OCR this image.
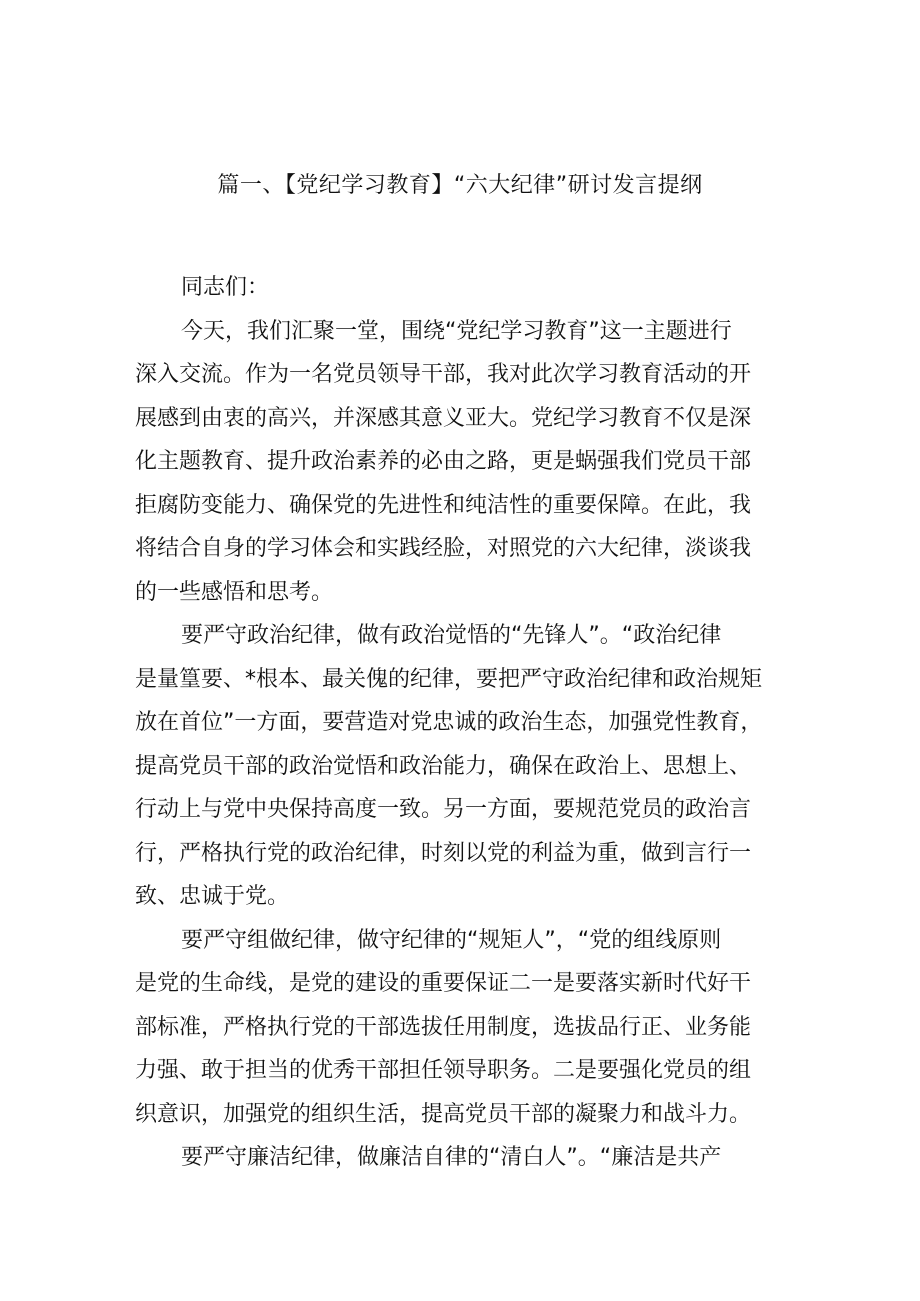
篇一、【党纪学习教育】“六大纪律”研讨发言提纲
同志们：
今天，我们汇聚一堂，围绕“党纪学习教育”这一主题进行
深入交流。作为一名党员领导干部，我对此次学习教育活动的开
展感到由衷的高兴，并深感其意义亚大。党纪学习教育不仅是深
化主题教育、提升政治素养的必由之路，更是蜗强我们党员干部
拒腐防变能力、确保党的先进性和纯洁性的重要保障。在此，我
将结合自身的学习体会和实践经脸，对照党的六大纪律，淡谈我
的一些感悟和思考。
要严守政治纪律，做有政治觉悟的“先锋人”。“政治纪律
是量篁要、*根本、最关傀的纪律，要把严守政治纪律和政治规矩
放在首位”一方面，要营造对党忠诚的政治生态，加强党性教育，
提高党员干部的政治觉悟和政治能力，确保在政治上、思想上、
行动上与党中央保持高度一致。另一方面，要规范党员的政治言
行，严格执行党的政治纪律，时刻以党的利益为重，做到言行一
致、忠诚于党。
要严守组做纪律，做守纪律的“规矩人”，“党的组线原则
是党的生命线，是党的建设的重要保证二一是要落实新时代好干
部标准，严格执行党的干部选拔任用制度，选拔品行正、业务能
力强、敢于担当的优秀干部担任领导职务。二是要强化党员的组
织意识，加强党的组织生活，提高党员干部的凝聚力和战斗力。
要严守廉洁纪律，做廉洁自律的“清白人”。“廉洁是共产
